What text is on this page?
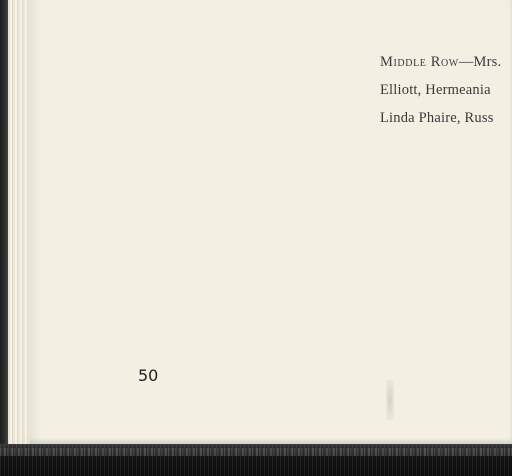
Middle Row—Mrs.
Elliott, Hermeania
Linda Phaire, Russ
50
